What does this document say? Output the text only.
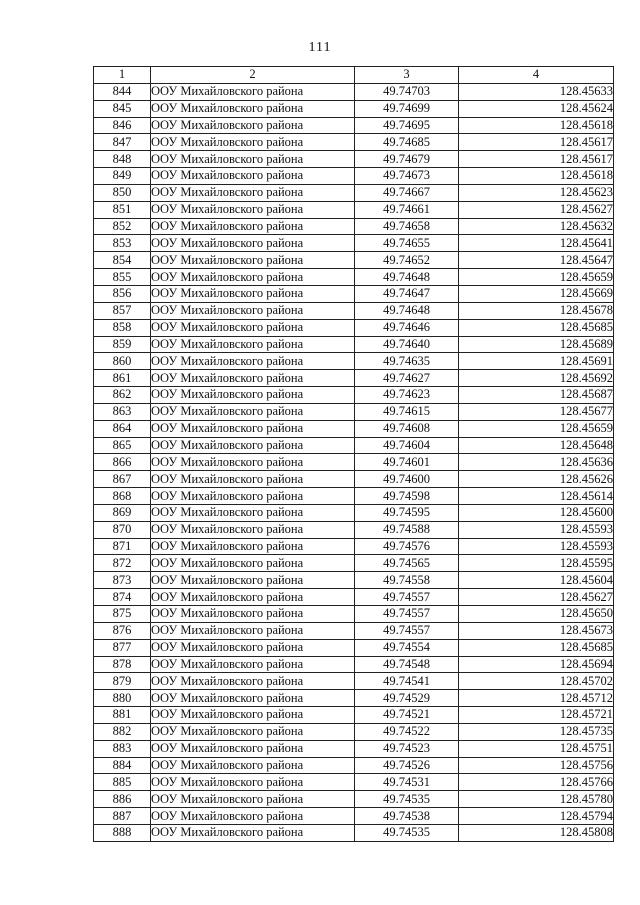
111
1	2	3	4
844	ООУ Михайловского района	49.74703	128.45633
845	ООУ Михайловского района	49.74699	128.45624
846	ООУ Михайловского района	49.74695	128.45618
847	ООУ Михайловского района	49.74685	128.45617
848	ООУ Михайловского района	49.74679	128.45617
849	ООУ Михайловского района	49.74673	128.45618
850	ООУ Михайловского района	49.74667	128.45623
851	ООУ Михайловского района	49.74661	128.45627
852	ООУ Михайловского района	49.74658	128.45632
853	ООУ Михайловского района	49.74655	128.45641
854	ООУ Михайловского района	49.74652	128.45647
855	ООУ Михайловского района	49.74648	128.45659
856	ООУ Михайловского района	49.74647	128.45669
857	ООУ Михайловского района	49.74648	128.45678
858	ООУ Михайловского района	49.74646	128.45685
859	ООУ Михайловского района	49.74640	128.45689
860	ООУ Михайловского района	49.74635	128.45691
861	ООУ Михайловского района	49.74627	128.45692
862	ООУ Михайловского района	49.74623	128.45687
863	ООУ Михайловского района	49.74615	128.45677
864	ООУ Михайловского района	49.74608	128.45659
865	ООУ Михайловского района	49.74604	128.45648
866	ООУ Михайловского района	49.74601	128.45636
867	ООУ Михайловского района	49.74600	128.45626
868	ООУ Михайловского района	49.74598	128.45614
869	ООУ Михайловского района	49.74595	128.45600
870	ООУ Михайловского района	49.74588	128.45593
871	ООУ Михайловского района	49.74576	128.45593
872	ООУ Михайловского района	49.74565	128.45595
873	ООУ Михайловского района	49.74558	128.45604
874	ООУ Михайловского района	49.74557	128.45627
875	ООУ Михайловского района	49.74557	128.45650
876	ООУ Михайловского района	49.74557	128.45673
877	ООУ Михайловского района	49.74554	128.45685
878	ООУ Михайловского района	49.74548	128.45694
879	ООУ Михайловского района	49.74541	128.45702
880	ООУ Михайловского района	49.74529	128.45712
881	ООУ Михайловского района	49.74521	128.45721
882	ООУ Михайловского района	49.74522	128.45735
883	ООУ Михайловского района	49.74523	128.45751
884	ООУ Михайловского района	49.74526	128.45756
885	ООУ Михайловского района	49.74531	128.45766
886	ООУ Михайловского района	49.74535	128.45780
887	ООУ Михайловского района	49.74538	128.45794
888	ООУ Михайловского района	49.74535	128.45808
